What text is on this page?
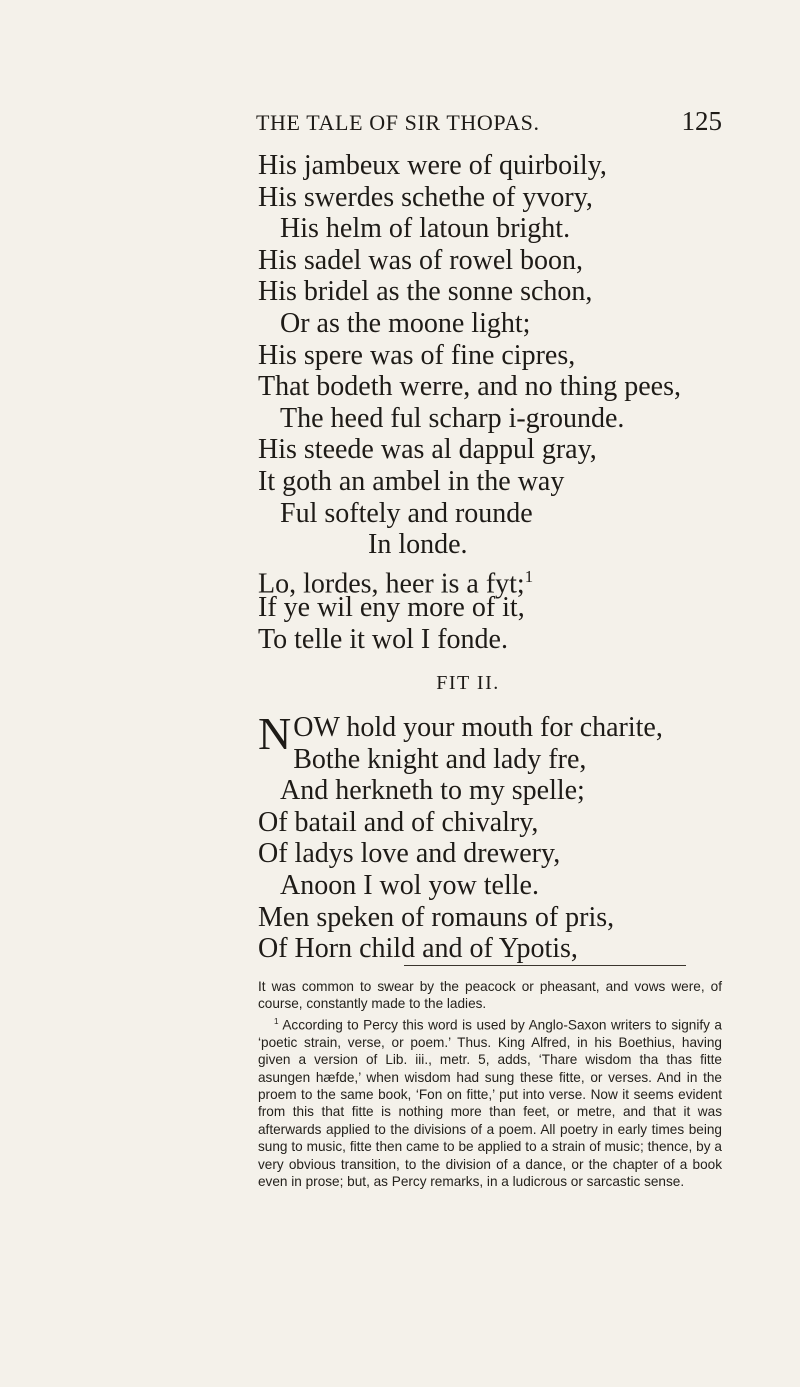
THE TALE OF SIR THOPAS.	125
His jambeux were of quirboily,
His swerdes schethe of yvory,
His helm of latoun bright.
His sadel was of rowel boon,
His bridel as the sonne schon,
Or as the moone light;
His spere was of fine cipres,
That bodeth werre, and no thing pees,
The heed ful scharp i-grounde.
His steede was al dappul gray,
It goth an ambel in the way
Ful softely and rounde
In londe.
Lo, lordes, heer is a fyt;$^1$
If ye wil eny more of it,
To telle it wol I fonde.
FIT II.
NOW hold your mouth for charite,
Bothe knight and lady fre,
And herkneth to my spelle;
Of batail and of chivalry,
Of ladys love and drewery,
Anoon I wol yow telle.
Men speken of romauns of pris,
Of Horn child and of Ypotis,

It was common to swear by the peacock or pheasant, and vows were, of course, constantly made to the ladies.

$^1$ According to Percy this word is used by Anglo-Saxon writers to signify a ‘poetic strain, verse, or poem.’ Thus. King Alfred, in his Boethius, having given a version of Lib. iii., metr. 5, adds, ‘Thare wisdom tha thas fitte asungen hæfde,’ when wisdom had sung these fitte, or verses. And in the proem to the same book, ‘Fon on fitte,’ put into verse. Now it seems evident from this that fitte is nothing more than feet, or metre, and that it was afterwards applied to the divisions of a poem. All poetry in early times being sung to music, fitte then came to be applied to a strain of music; thence, by a very obvious transition, to the division of a dance, or the chapter of a book even in prose; but, as Percy remarks, in a ludicrous or sarcastic sense.
